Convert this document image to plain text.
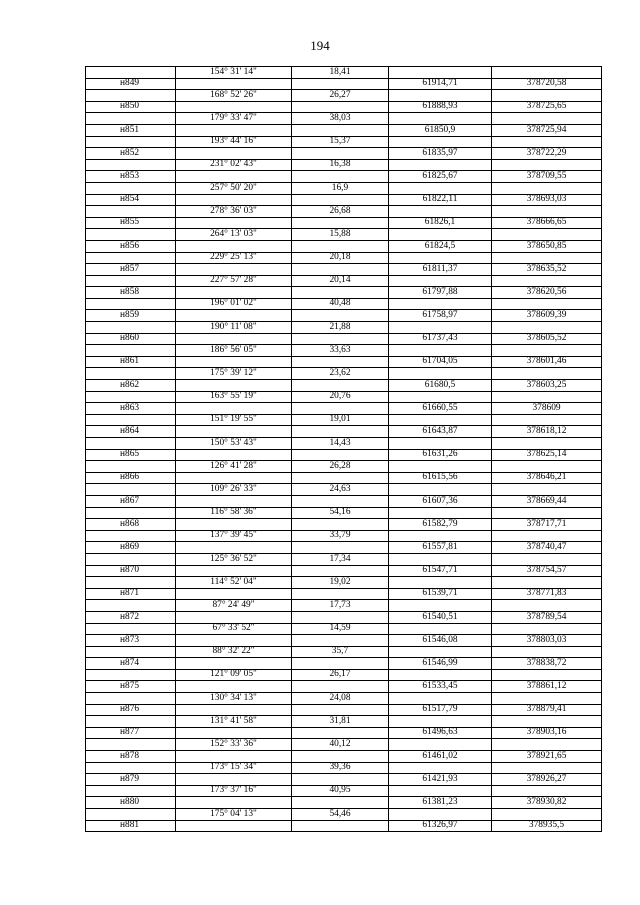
194
	154° 31' 14"	18,41		
н849			61914,71	378720,58
	168° 52' 26"	26,27		
н850			61888,93	378725,65
	179° 33' 47"	38,03		
н851			61850,9	378725,94
	193° 44' 16"	15,37		
н852			61835,97	378722,29
	231° 02' 43"	16,38		
н853			61825,67	378709,55
	257° 50' 20"	16,9		
н854			61822,11	378693,03
	278° 36' 03"	26,68		
н855			61826,1	378666,65
	264° 13' 03"	15,88		
н856			61824,5	378650,85
	229° 25' 13"	20,18		
н857			61811,37	378635,52
	227° 57' 28"	20,14		
н858			61797,88	378620,56
	196° 01' 02"	40,48		
н859			61758,97	378609,39
	190° 11' 08"	21,88		
н860			61737,43	378605,52
	186° 56' 05"	33,63		
н861			61704,05	378601,46
	175° 39' 12"	23,62		
н862			61680,5	378603,25
	163° 55' 19"	20,76		
н863			61660,55	378609
	151° 19' 55"	19,01		
н864			61643,87	378618,12
	150° 53' 43"	14,43		
н865			61631,26	378625,14
	126° 41' 28"	26,28		
н866			61615,56	378646,21
	109° 26' 33"	24,63		
н867			61607,36	378669,44
	116° 58' 36"	54,16		
н868			61582,79	378717,71
	137° 39' 45"	33,79		
н869			61557,81	378740,47
	125° 36' 52"	17,34		
н870			61547,71	378754,57
	114° 52' 04"	19,02		
н871			61539,71	378771,83
	87° 24' 49"	17,73		
н872			61540,51	378789,54
	67° 33' 52"	14,59		
н873			61546,08	378803,03
	88° 32' 22"	35,7		
н874			61546,99	378838,72
	121° 09' 05"	26,17		
н875			61533,45	378861,12
	130° 34' 13"	24,08		
н876			61517,79	378879,41
	131° 41' 58"	31,81		
н877			61496,63	378903,16
	152° 33' 36"	40,12		
н878			61461,02	378921,65
	173° 15' 34"	39,36		
н879			61421,93	378926,27
	173° 37' 16"	40,95		
н880			61381,23	378930,82
	175° 04' 13"	54,46		
н881			61326,97	378935,5
